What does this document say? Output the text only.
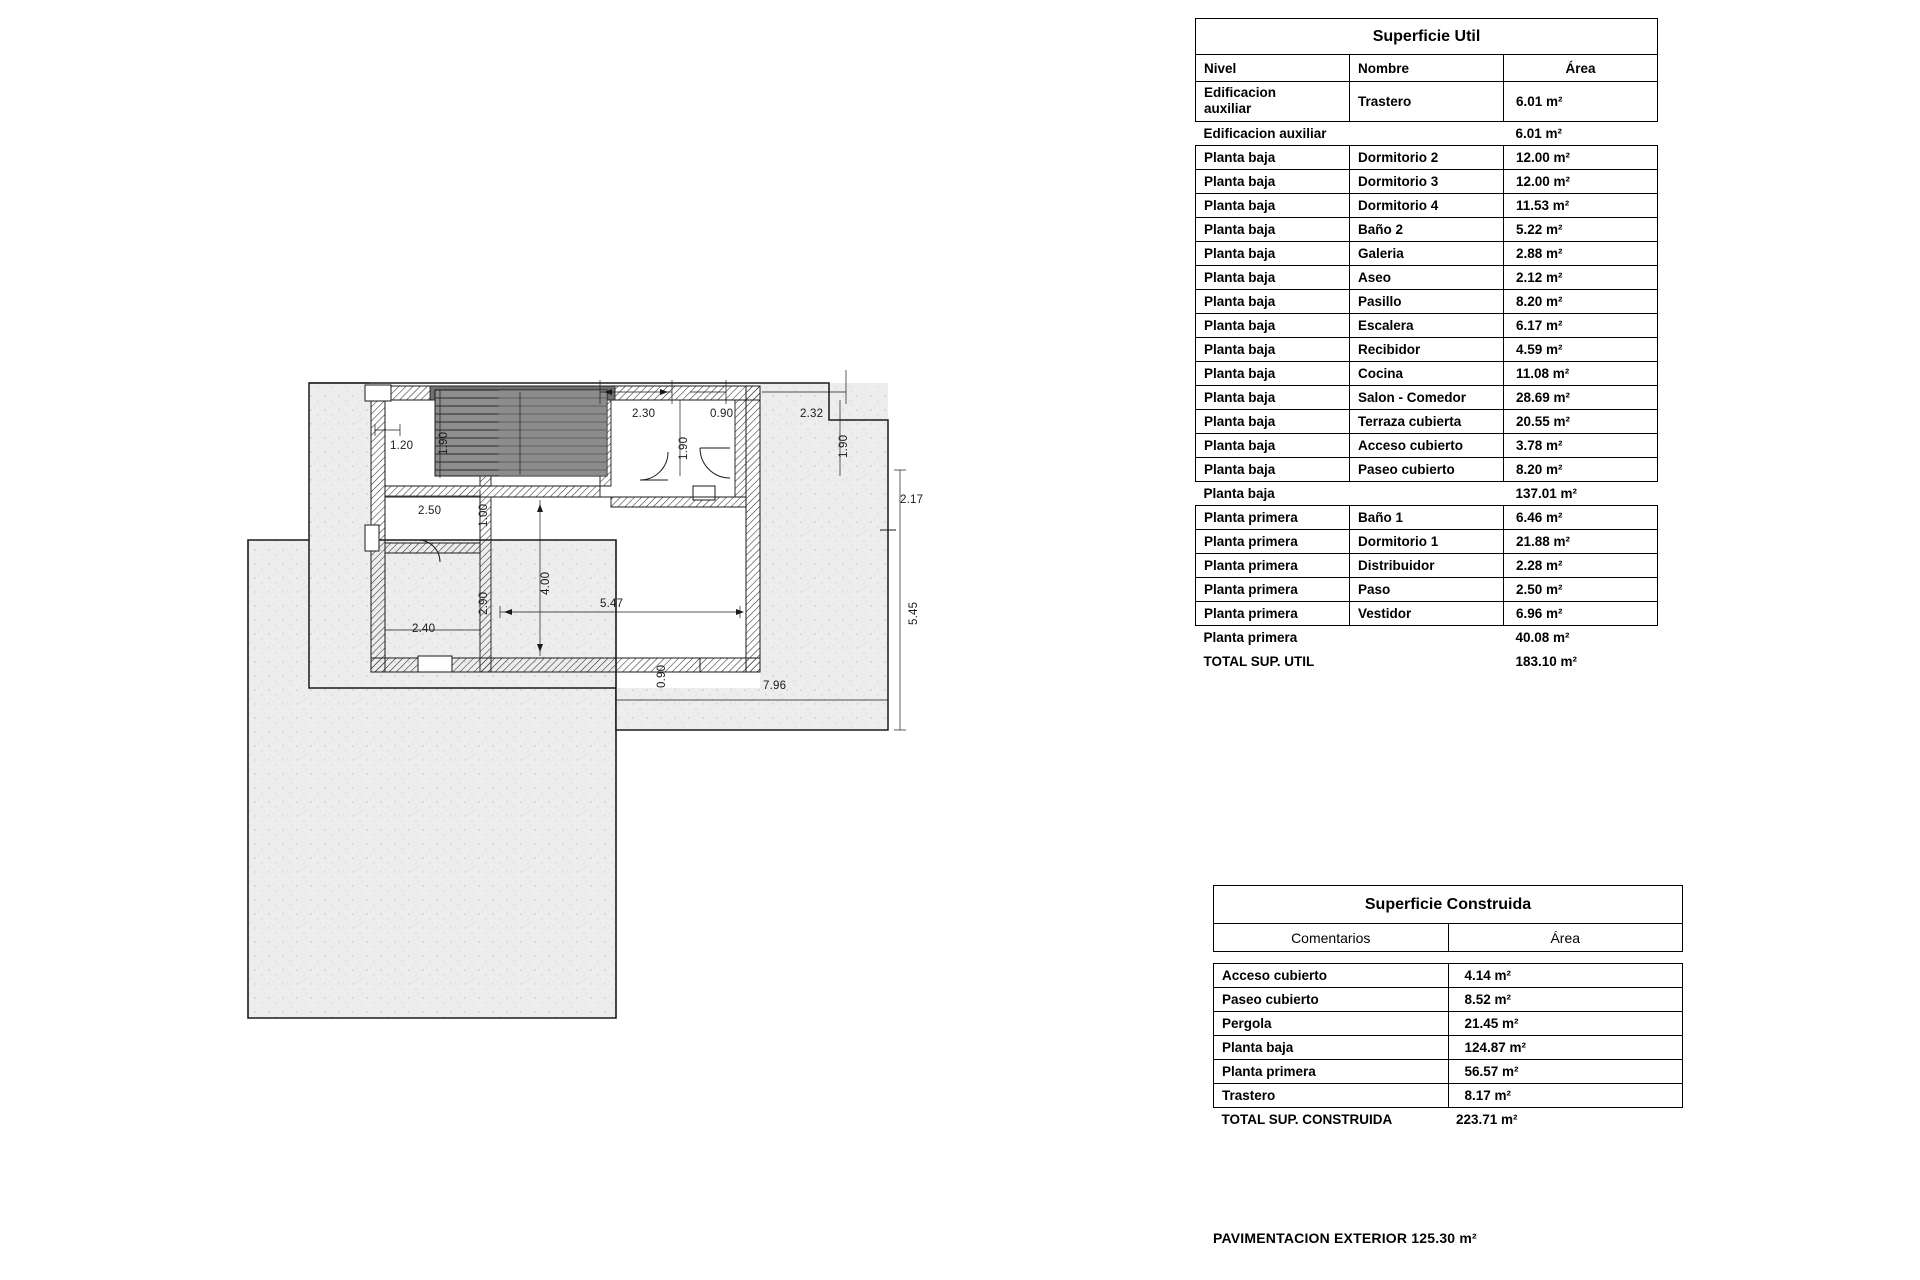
1.20 1.90
2.30
1.90
0.90	2.32
1.90
2.17
2.50	1.00
4.00
5.47	5.45
2.90
2.40
7.96
0.90
Superficie Util		
Nivel	Nombre	Área
Edificacion
auxiliar	Trastero	6.01 m²
Edificacion auxiliar		6.01 m²
Planta baja	Dormitorio 2	12.00 m²
Planta baja	Dormitorio 3	12.00 m²
Planta baja	Dormitorio 4	11.53 m²
Planta baja	Baño 2	5.22 m²
Planta baja	Galeria	2.88 m²
Planta baja	Aseo	2.12 m²
Planta baja	Pasillo	8.20 m²
Planta baja	Escalera	6.17 m²
Planta baja	Recibidor	4.59 m²
Planta baja	Cocina	11.08 m²
Planta baja	Salon - Comedor	28.69 m²
Planta baja	Terraza cubierta	20.55 m²
Planta baja	Acceso cubierto	3.78 m²
Planta baja	Paseo cubierto	8.20 m²
Planta baja		137.01 m²
Planta primera	Baño 1	6.46 m²
Planta primera	Dormitorio 1	21.88 m²
Planta primera	Distribuidor	2.28 m²
Planta primera	Paso	2.50 m²
Planta primera	Vestidor	6.96 m²
Planta primera		40.08 m²
TOTAL SUP. UTIL		183.10 m²
Superficie Construida	
Comentarios	Área

Acceso cubierto	4.14 m²
Paseo cubierto	8.52 m²
Pergola	21.45 m²
Planta baja	124.87 m²
Planta primera	56.57 m²
Trastero	8.17 m²
TOTAL SUP. CONSTRUIDA	223.71 m²
PAVIMENTACION EXTERIOR 125.30 m²
